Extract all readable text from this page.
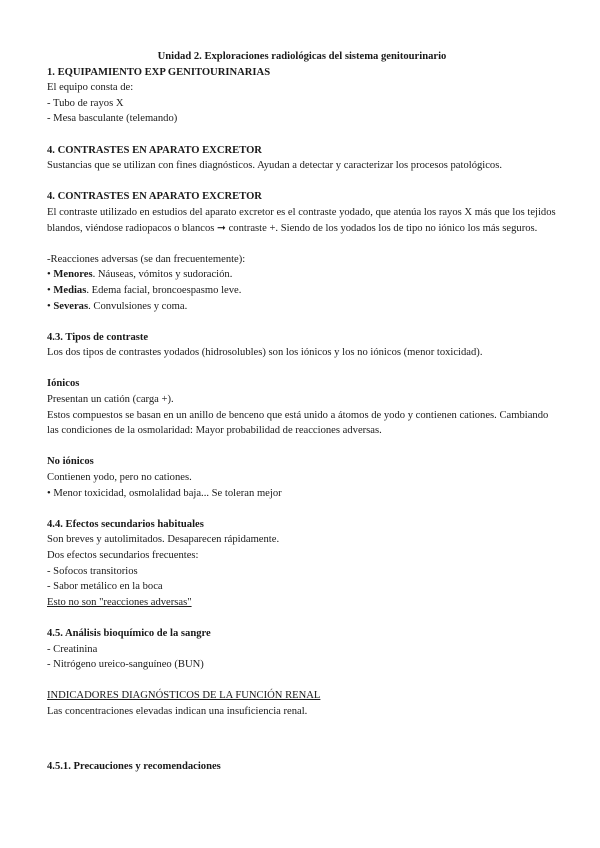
Unidad 2. Exploraciones radiológicas del sistema genitourinario
1. EQUIPAMIENTO EXP GENITOURINARIAS
El equipo consta de:
- Tubo de rayos X
- Mesa basculante (telemando)
4. CONTRASTES EN APARATO EXCRETOR
Sustancias que se utilizan con fines diagnósticos. Ayudan a detectar y caracterizar los procesos patológicos.
4. CONTRASTES EN APARATO EXCRETOR
El contraste utilizado en estudios del aparato excretor es el contraste yodado, que atenúa los rayos X más que los tejidos blandos, viéndose radiopacos o blancos ➞ contraste +. Siendo de los yodados los de tipo no iónico los más seguros.
-Reacciones adversas (se dan frecuentemente):
• Menores. Náuseas, vómitos y sudoración.
• Medias. Edema facial, broncoespasmo leve.
• Severas. Convulsiones y coma.
4.3. Tipos de contraste
Los dos tipos de contrastes yodados (hidrosolubles) son los iónicos y los no iónicos (menor toxicidad).
Iónicos
Presentan un catión (carga +).
Estos compuestos se basan en un anillo de benceno que está unido a átomos de yodo y contienen cationes. Cambiando las condiciones de la osmolaridad: Mayor probabilidad de reacciones adversas.
No iónicos
Contienen yodo, pero no cationes.
• Menor toxicidad, osmolalidad baja... Se toleran mejor
4.4. Efectos secundarios habituales
Son breves y autolimitados. Desaparecen rápidamente.
Dos efectos secundarios frecuentes:
- Sofocos transitorios
- Sabor metálico en la boca
Esto no son "reacciones adversas"
4.5. Análisis bioquímico de la sangre
- Creatinina
- Nitrógeno ureico-sanguíneo (BUN)
INDICADORES DIAGNÓSTICOS DE LA FUNCIÓN RENAL
Las concentraciones elevadas indican una insuficiencia renal.
4.5.1. Precauciones y recomendaciones
